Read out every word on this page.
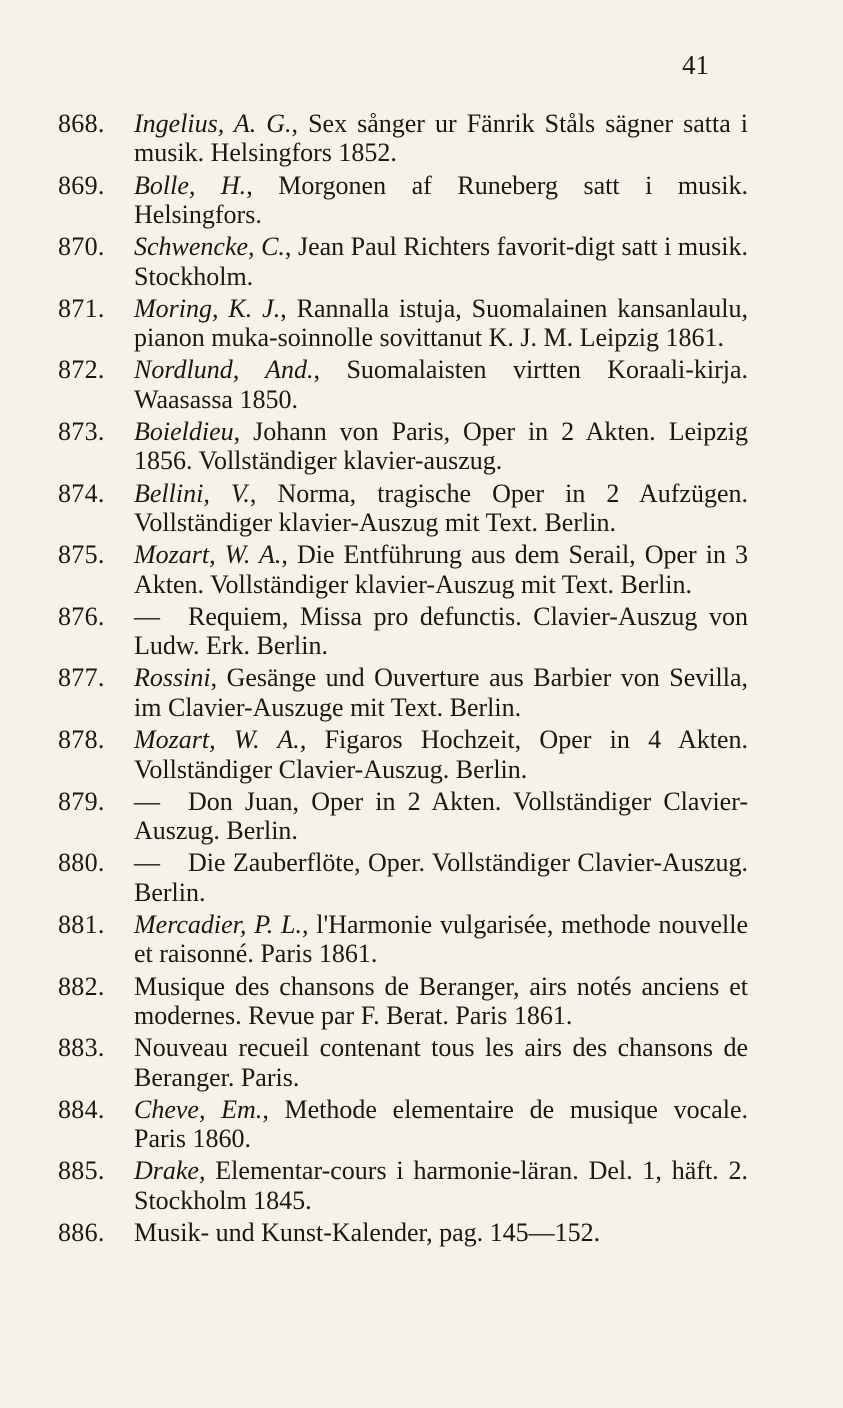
41
868.	Ingelius, A. G., Sex sånger ur Fänrik Ståls sägner satta i musik. Helsingfors 1852.
869.	Bolle, H., Morgonen af Runeberg satt i musik. Helsingfors.
870.	Schwencke, C., Jean Paul Richters favorit-digt satt i musik. Stockholm.
871.	Moring, K. J., Rannalla istuja, Suomalainen kansanlaulu, pianon muka-soinnolle sovittanut K. J. M. Leipzig 1861.
872.	Nordlund, And., Suomalaisten virtten Koraali-kirja. Waasassa 1850.
873.	Boieldieu, Johann von Paris, Oper in 2 Akten. Leipzig 1856. Vollständiger klavier-auszug.
874.	Bellini, V., Norma, tragische Oper in 2 Aufzügen. Vollständiger klavier-Auszug mit Text. Berlin.
875.	Mozart, W. A., Die Entführung aus dem Serail, Oper in 3 Akten. Vollständiger klavier-Auszug mit Text. Berlin.
876.	— Requiem, Missa pro defunctis. Clavier-Auszug von Ludw. Erk. Berlin.
877.	Rossini, Gesänge und Ouverture aus Barbier von Sevilla, im Clavier-Auszuge mit Text. Berlin.
878.	Mozart, W. A., Figaros Hochzeit, Oper in 4 Akten. Vollständiger Clavier-Auszug. Berlin.
879.	— Don Juan, Oper in 2 Akten. Vollständiger Clavier-Auszug. Berlin.
880.	— Die Zauberflöte, Oper. Vollständiger Clavier-Auszug. Berlin.
881.	Mercadier, P. L., l'Harmonie vulgarisée, methode nouvelle et raisonné. Paris 1861.
882.	Musique des chansons de Beranger, airs notés anciens et modernes. Revue par F. Berat. Paris 1861.
883.	Nouveau recueil contenant tous les airs des chansons de Beranger. Paris.
884.	Cheve, Em., Methode elementaire de musique vocale. Paris 1860.
885.	Drake, Elementar-cours i harmonie-läran. Del. 1, häft. 2. Stockholm 1845.
886.	Musik- und Kunst-Kalender, pag. 145—152.
